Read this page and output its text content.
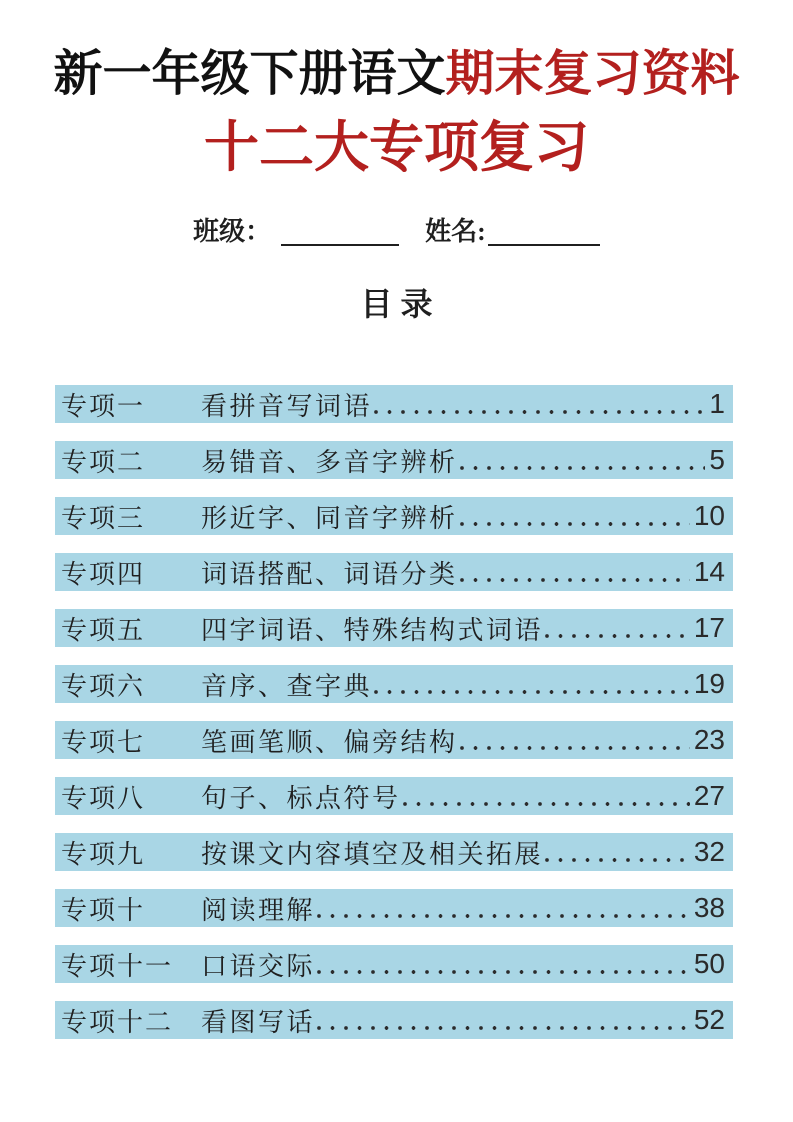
新一年级下册语文期末复习资料
十二大专项复习
班级：	姓名:
目录
专项一	看拼音写词语	1
专项二	易错音、多音字辨析	5
专项三	形近字、同音字辨析	10
专项四	词语搭配、词语分类	14
专项五	四字词语、特殊结构式词语	17
专项六	音序、查字典	19
专项七	笔画笔顺、偏旁结构	23
专项八	句子、标点符号	27
专项九	按课文内容填空及相关拓展	32
专项十	阅读理解	38
专项十一	口语交际	50
专项十二	看图写话	52
